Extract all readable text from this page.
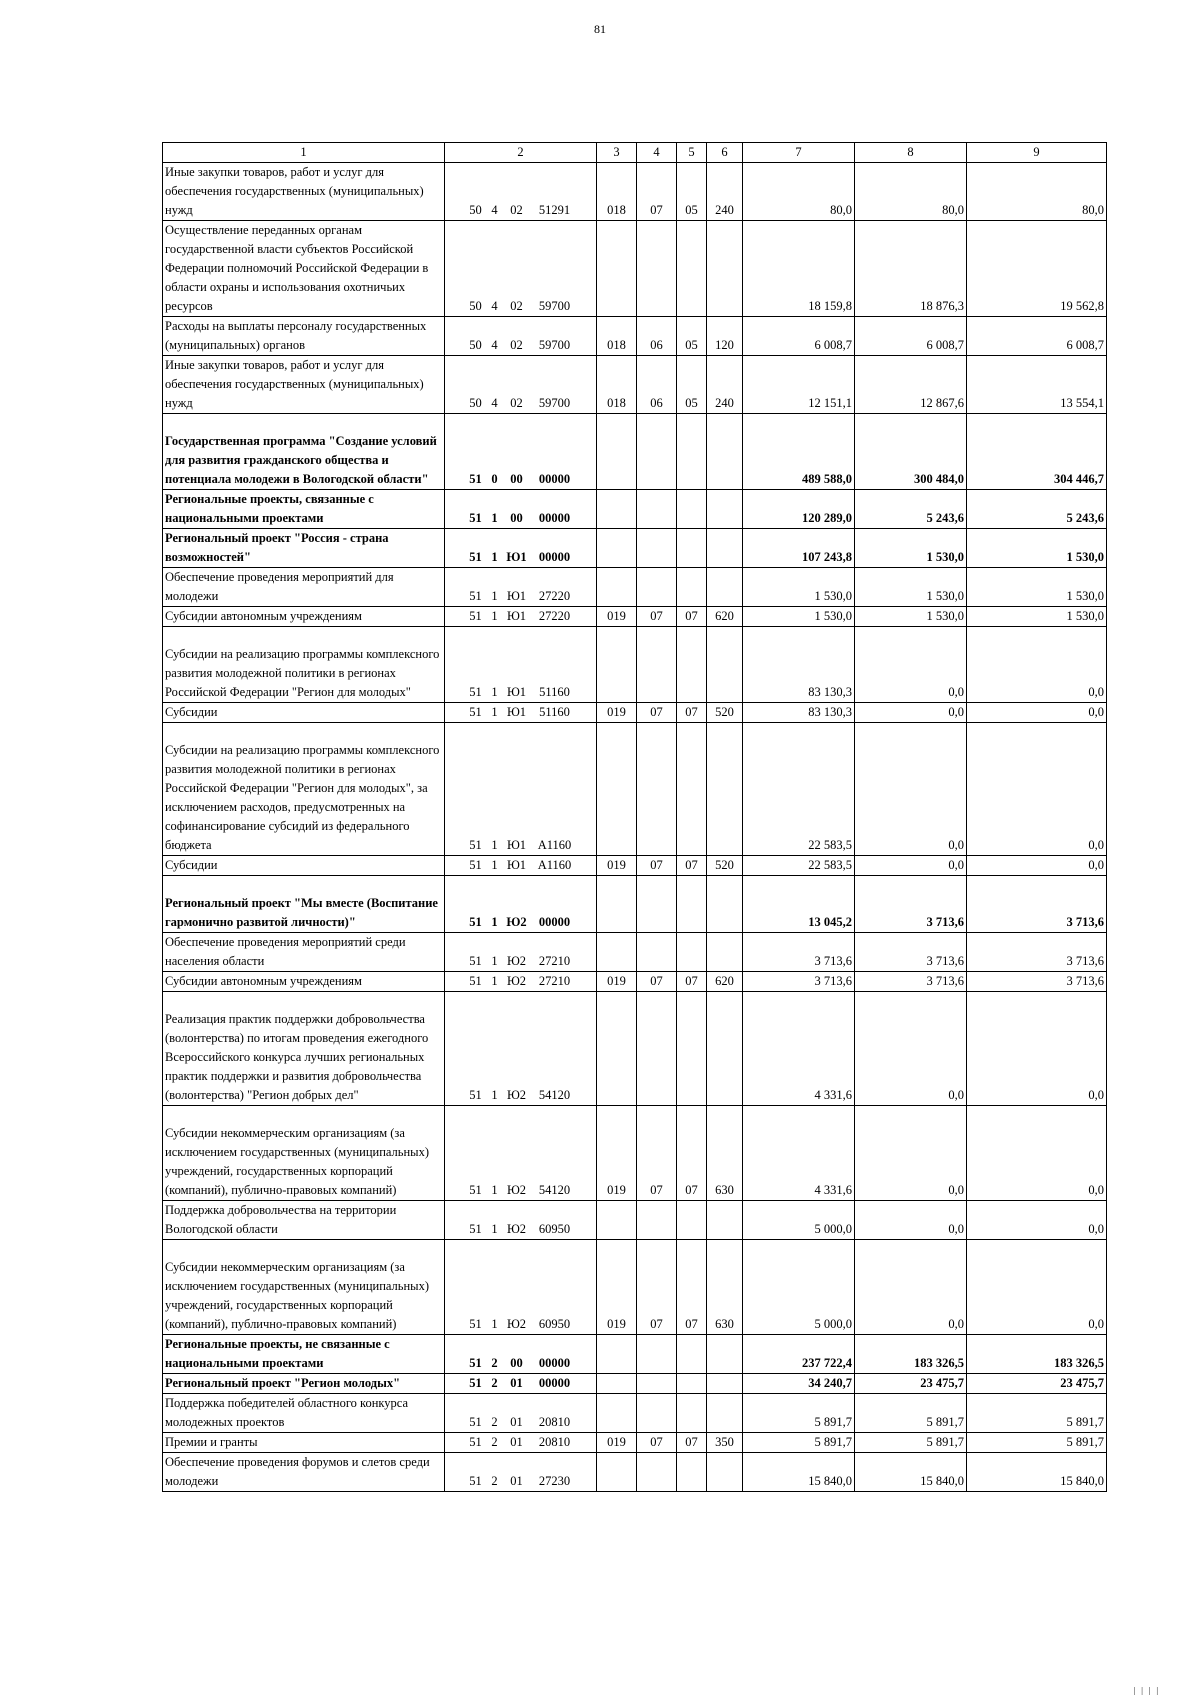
81
1	2	3	4	5	6	7	8	9
Иные закупки товаров, работ и услуг для обеспечения государственных (муниципальных) нужд	50 4 02 51291	018	07	05	240	80,0	80,0	80,0
Осуществление переданных органам государственной власти субъектов Российской Федерации полномочий Российской Федерации в области охраны и использования охотничьих ресурсов	50 4 02 59700					18 159,8	18 876,3	19 562,8
Расходы на выплаты персоналу государственных (муниципальных) органов	50 4 02 59700	018	06	05	120	6 008,7	6 008,7	6 008,7
Иные закупки товаров, работ и услуг для обеспечения государственных (муниципальных) нужд	50 4 02 59700	018	06	05	240	12 151,1	12 867,6	13 554,1
Государственная программа "Создание условий для развития гражданского общества и потенциала молодежи в Вологодской области"	51 0 00 00000					489 588,0	300 484,0	304 446,7
Региональные проекты, связанные с национальными проектами	51 1 00 00000					120 289,0	5 243,6	5 243,6
Региональный проект "Россия - страна возможностей"	51 1 Ю1 00000					107 243,8	1 530,0	1 530,0
Обеспечение проведения мероприятий для молодежи	51 1 Ю1 27220					1 530,0	1 530,0	1 530,0
Субсидии автономным учреждениям	51 1 Ю1 27220	019	07	07	620	1 530,0	1 530,0	1 530,0
Субсидии на реализацию программы комплексного развития молодежной политики в регионах Российской Федерации "Регион для молодых"	51 1 Ю1 51160					83 130,3	0,0	0,0
Субсидии	51 1 Ю1 51160	019	07	07	520	83 130,3	0,0	0,0
Субсидии на реализацию программы комплексного развития молодежной политики в регионах Российской Федерации "Регион для молодых", за исключением расходов, предусмотренных на софинансирование субсидий из федерального бюджета	51 1 Ю1 А1160					22 583,5	0,0	0,0
Субсидии	51 1 Ю1 А1160	019	07	07	520	22 583,5	0,0	0,0
Региональный проект "Мы вместе (Воспитание гармонично развитой личности)"	51 1 Ю2 00000					13 045,2	3 713,6	3 713,6
Обеспечение проведения мероприятий среди населения области	51 1 Ю2 27210					3 713,6	3 713,6	3 713,6
Субсидии автономным учреждениям	51 1 Ю2 27210	019	07	07	620	3 713,6	3 713,6	3 713,6
Реализация практик поддержки добровольчества (волонтерства) по итогам проведения ежегодного Всероссийского конкурса лучших региональных практик поддержки и развития добровольчества (волонтерства) "Регион добрых дел"	51 1 Ю2 54120					4 331,6	0,0	0,0
Субсидии некоммерческим организациям (за исключением государственных (муниципальных) учреждений, государственных корпораций (компаний), публично-правовых компаний)	51 1 Ю2 54120	019	07	07	630	4 331,6	0,0	0,0
Поддержка добровольчества на территории Вологодской области	51 1 Ю2 60950					5 000,0	0,0	0,0
Субсидии некоммерческим организациям (за исключением государственных (муниципальных) учреждений, государственных корпораций (компаний), публично-правовых компаний)	51 1 Ю2 60950	019	07	07	630	5 000,0	0,0	0,0
Региональные проекты, не связанные с национальными проектами	51 2 00 00000					237 722,4	183 326,5	183 326,5
Региональный проект "Регион молодых"	51 2 01 00000					34 240,7	23 475,7	23 475,7
Поддержка победителей областного конкурса молодежных проектов	51 2 01 20810					5 891,7	5 891,7	5 891,7
Премии и гранты	51 2 01 20810	019	07	07	350	5 891,7	5 891,7	5 891,7
Обеспечение проведения форумов и слетов среди молодежи	51 2 01 27230					15 840,0	15 840,0	15 840,0
| | | |
